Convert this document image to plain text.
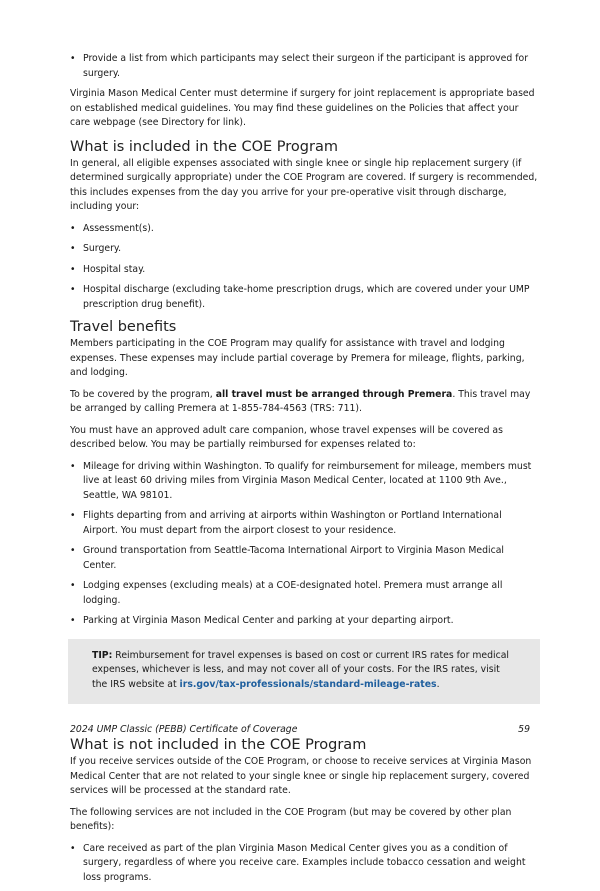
• Provide a list from which participants may select their surgeon if the participant is approved for surgery.

Virginia Mason Medical Center must determine if surgery for joint replacement is appropriate based on established medical guidelines. You may find these guidelines on the Policies that affect your care webpage (see Directory for link).

What is included in the COE Program

In general, all eligible expenses associated with single knee or single hip replacement surgery (if determined surgically appropriate) under the COE Program are covered. If surgery is recommended, this includes expenses from the day you arrive for your pre-operative visit through discharge, including your:

• Assessment(s).
• Surgery.
• Hospital stay.
• Hospital discharge (excluding take-home prescription drugs, which are covered under your UMP prescription drug benefit).
Travel benefits

Members participating in the COE Program may qualify for assistance with travel and lodging expenses. These expenses may include partial coverage by Premera for mileage, flights, parking, and lodging.

To be covered by the program, all travel must be arranged through Premera. This travel may be arranged by calling Premera at 1-855-784-4563 (TRS: 711).

You must have an approved adult care companion, whose travel expenses will be covered as described below. You may be partially reimbursed for expenses related to:

• Mileage for driving within Washington. To qualify for reimbursement for mileage, members must live at least 60 driving miles from Virginia Mason Medical Center, located at 1100 9th Ave., Seattle, WA 98101.
• Flights departing from and arriving at airports within Washington or Portland International Airport. You must depart from the airport closest to your residence.
• Ground transportation from Seattle-Tacoma International Airport to Virginia Mason Medical Center.
• Lodging expenses (excluding meals) at a COE-designated hotel. Premera must arrange all lodging.
• Parking at Virginia Mason Medical Center and parking at your departing airport.

TIP: Reimbursement for travel expenses is based on cost or current IRS rates for medical expenses, whichever is less, and may not cover all of your costs. For the IRS rates, visit the IRS website at irs.gov/tax-professionals/standard-mileage-rates.

What is not included in the COE Program

If you receive services outside of the COE Program, or choose to receive services at Virginia Mason Medical Center that are not related to your single knee or single hip replacement surgery, covered services will be processed at the standard rate.

The following services are not included in the COE Program (but may be covered by other plan benefits):

• Care received as part of the plan Virginia Mason Medical Center gives you as a condition of surgery, regardless of where you receive care. Examples include tobacco cessation and weight loss programs.
2024 UMP Classic (PEBB) Certificate of Coverage	59
